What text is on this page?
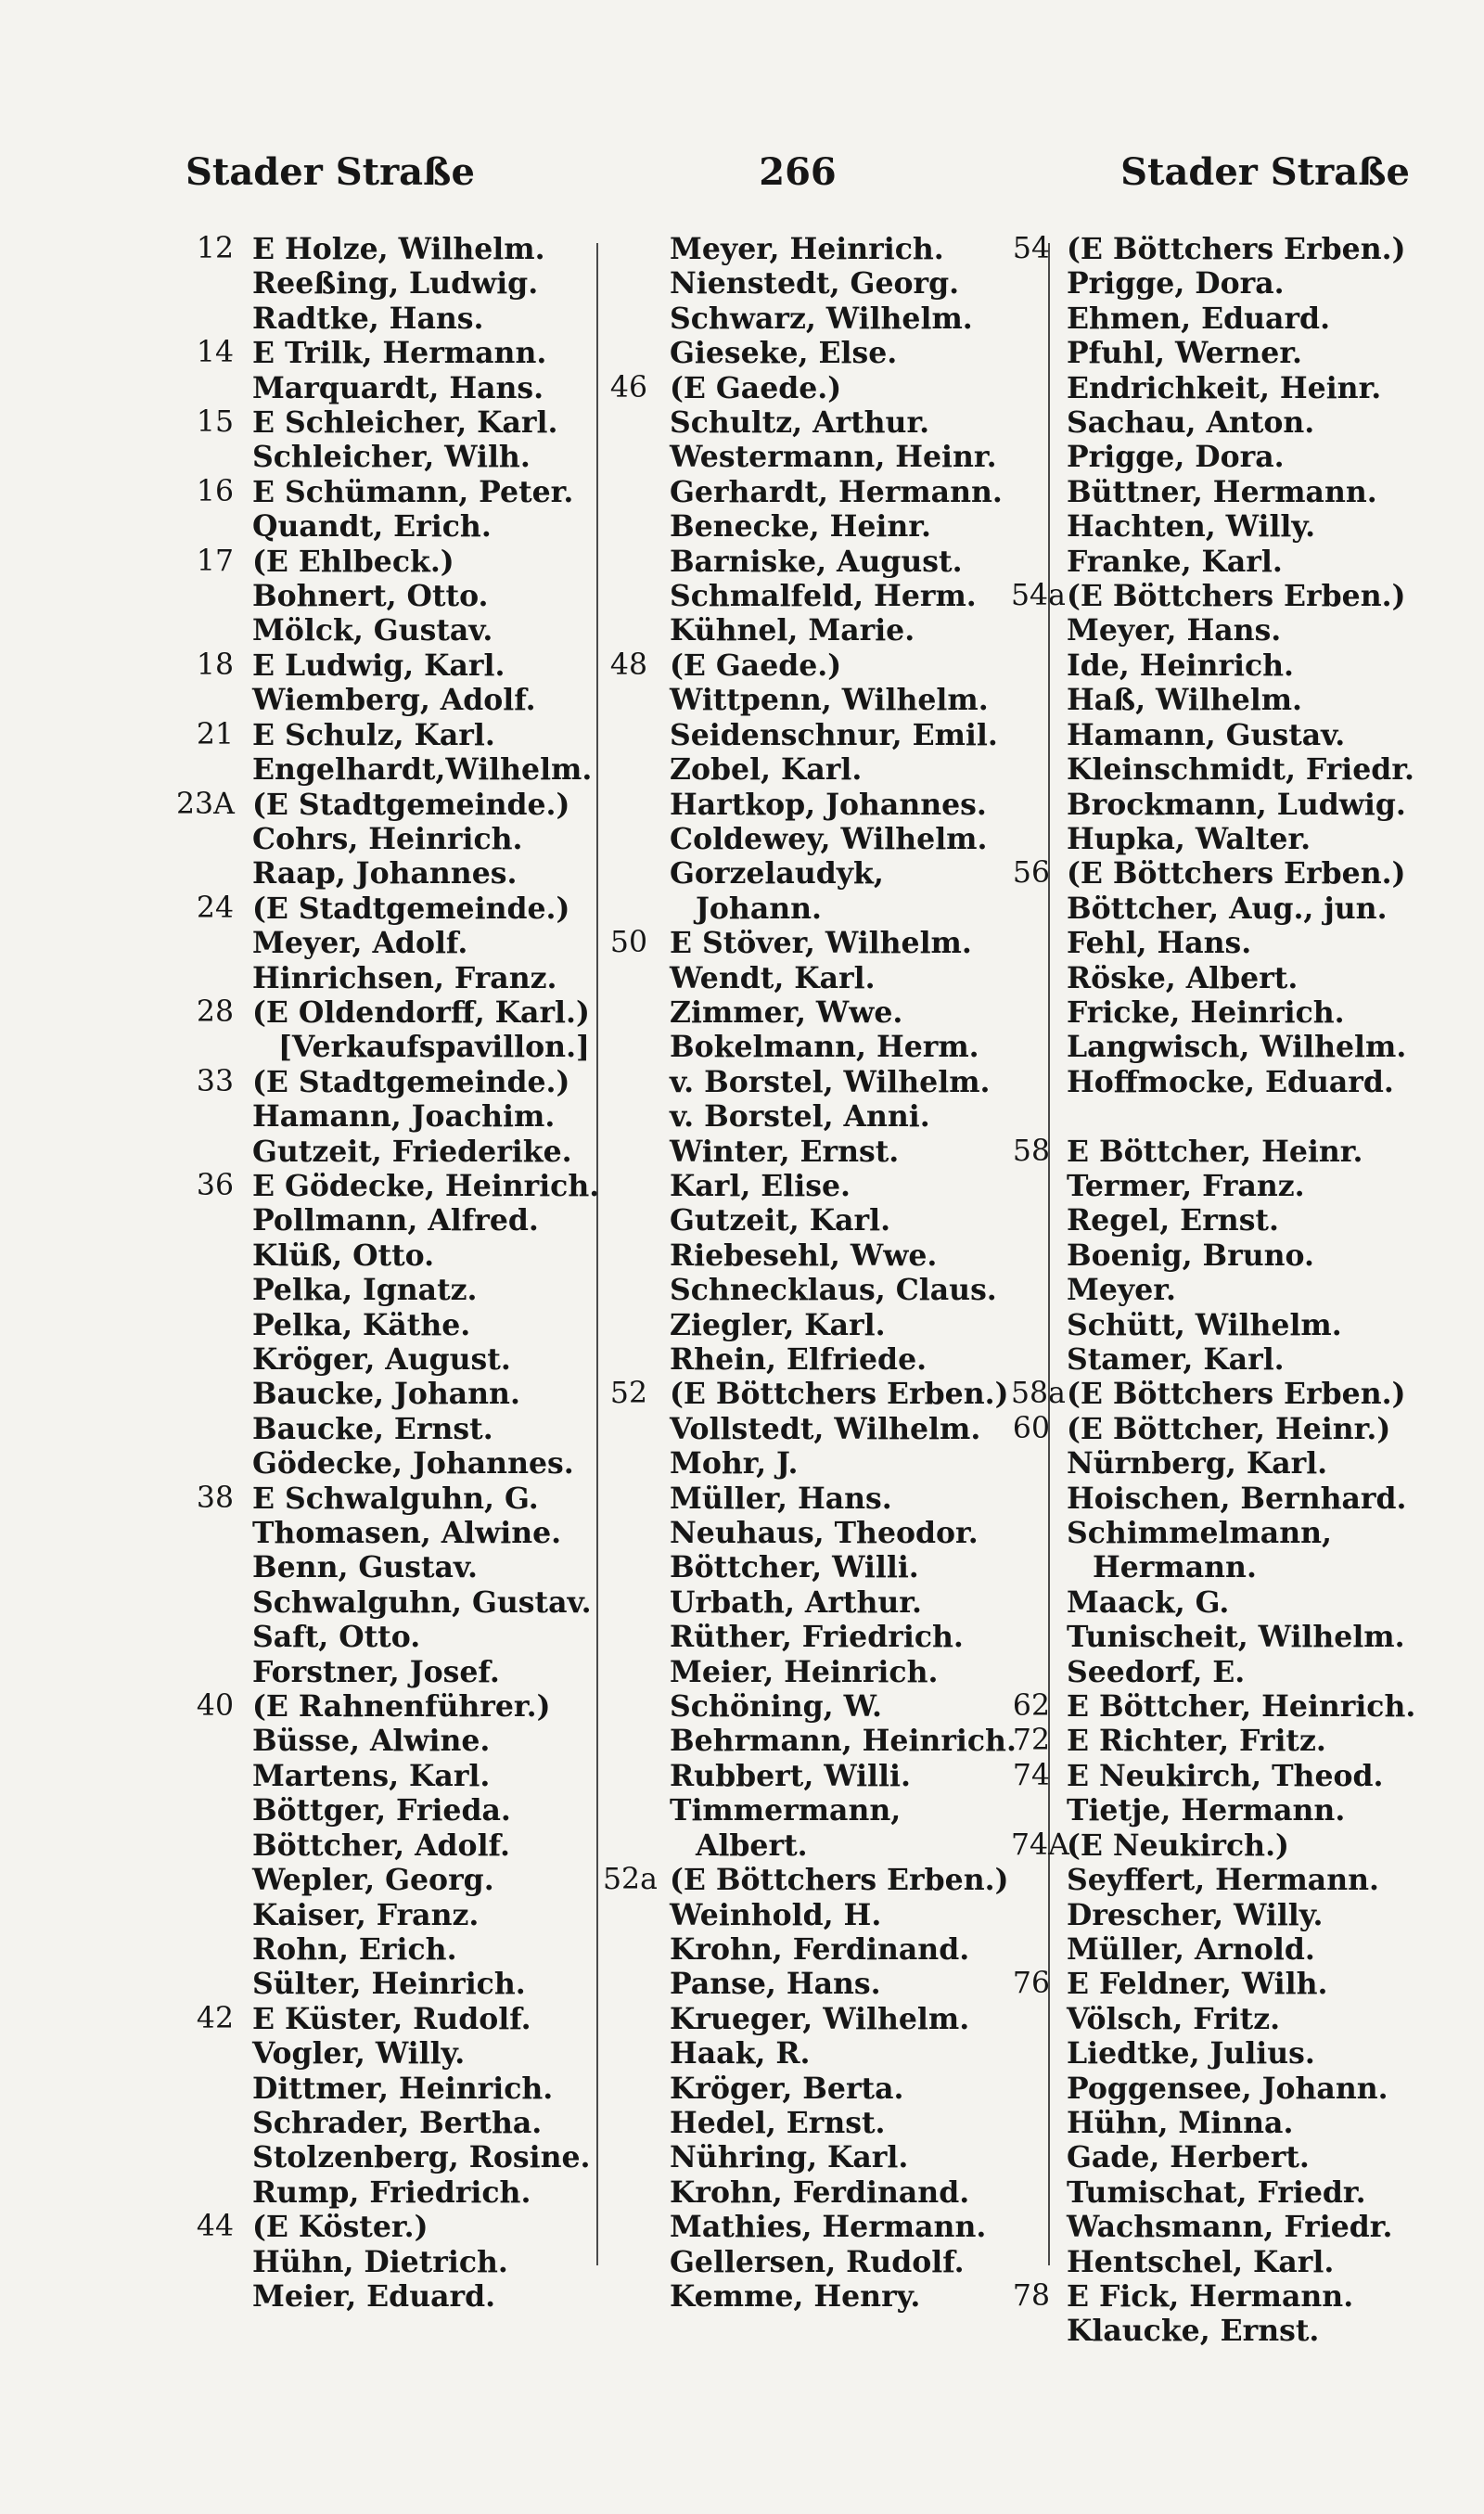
Stader Straße	266	Stader Straße
12 E Holze, Wilhelm.
Reeßing, Ludwig.
Radtke, Hans.
14 E Trilk, Hermann.
Marquardt, Hans.
15 E Schleicher, Karl.
Schleicher, Wilh.
16 E Schümann, Peter.
Quandt, Erich.
17 (E Ehlbeck.)
Bohnert, Otto.
Mölck, Gustav.
18 E Ludwig, Karl.
Wiemberg, Adolf.
21 E Schulz, Karl.
Engelhardt,Wilhelm.
23A (E Stadtgemeinde.)
Cohrs, Heinrich.
Raap, Johannes.
24 (E Stadtgemeinde.)
Meyer, Adolf.
Hinrichsen, Franz.
28 (E Oldendorff, Karl.)
[Verkaufspavillon.]
33 (E Stadtgemeinde.)
Hamann, Joachim.
Gutzeit, Friederike.
36 E Gödecke, Heinrich.
Pollmann, Alfred.
Klüß, Otto.
Pelka, Ignatz.
Pelka, Käthe.
Kröger, August.
Baucke, Johann.
Baucke, Ernst.
Gödecke, Johannes.
38 E Schwalguhn, G.
Thomasen, Alwine.
Benn, Gustav.
Schwalguhn, Gustav.
Saft, Otto.
Forstner, Josef.
40 (E Rahnenführer.)
Büsse, Alwine.
Martens, Karl.
Böttger, Frieda.
Böttcher, Adolf.
Wepler, Georg.
Kaiser, Franz.
Rohn, Erich.
Sülter, Heinrich.
42 E Küster, Rudolf.
Vogler, Willy.
Dittmer, Heinrich.
Schrader, Bertha.
Stolzenberg, Rosine.
Rump, Friedrich.
44 (E Köster.)
Hühn, Dietrich.
Meier, Eduard.
Meyer, Heinrich.
Nienstedt, Georg.
Schwarz, Wilhelm.
Gieseke, Else.
46 (E Gaede.)
Schultz, Arthur.
Westermann, Heinr.
Gerhardt, Hermann.
Benecke, Heinr.
Barniske, August.
Schmalfeld, Herm.
Kühnel, Marie.
48 (E Gaede.)
Wittpenn, Wilhelm.
Seidenschnur, Emil.
Zobel, Karl.
Hartkop, Johannes.
Coldewey, Wilhelm.
Gorzelaudyk,
Johann.
50 E Stöver, Wilhelm.
Wendt, Karl.
Zimmer, Wwe.
Bokelmann, Herm.
v. Borstel, Wilhelm.
v. Borstel, Anni.
Winter, Ernst.
Karl, Elise.
Gutzeit, Karl.
Riebesehl, Wwe.
Schnecklaus, Claus.
Ziegler, Karl.
Rhein, Elfriede.
52 (E Böttchers Erben.)
Vollstedt, Wilhelm.
Mohr, J.
Müller, Hans.
Neuhaus, Theodor.
Böttcher, Willi.
Urbath, Arthur.
Rüther, Friedrich.
Meier, Heinrich.
Schöning, W.
Behrmann, Heinrich.
Rubbert, Willi.
Timmermann,
Albert.
52a (E Böttchers Erben.)
Weinhold, H.
Krohn, Ferdinand.
Panse, Hans.
Krueger, Wilhelm.
Haak, R.
Kröger, Berta.
Hedel, Ernst.
Nühring, Karl.
Krohn, Ferdinand.
Mathies, Hermann.
Gellersen, Rudolf.
Kemme, Henry.
54 (E Böttchers Erben.)
Prigge, Dora.
Ehmen, Eduard.
Pfuhl, Werner.
Endrichkeit, Heinr.
Sachau, Anton.
Prigge, Dora.
Büttner, Hermann.
Hachten, Willy.
Franke, Karl.
54a (E Böttchers Erben.)
Meyer, Hans.
Ide, Heinrich.
Haß, Wilhelm.
Hamann, Gustav.
Kleinschmidt, Friedr.
Brockmann, Ludwig.
Hupka, Walter.
56 (E Böttchers Erben.)
Böttcher, Aug., jun.
Fehl, Hans.
Röske, Albert.
Fricke, Heinrich.
Langwisch, Wilhelm.
Hoffmocke, Eduard.
58 E Böttcher, Heinr.
Termer, Franz.
Regel, Ernst.
Boenig, Bruno.
Meyer.
Schütt, Wilhelm.
Stamer, Karl.
58a (E Böttchers Erben.)
60 (E Böttcher, Heinr.)
Nürnberg, Karl.
Hoischen, Bernhard.
Schimmelmann,
Hermann.
Maack, G.
Tunischeit, Wilhelm.
Seedorf, E.
62 E Böttcher, Heinrich.
72 E Richter, Fritz.
74 E Neukirch, Theod.
Tietje, Hermann.
74A
(E Neukirch.)
Seyffert, Hermann.
Drescher, Willy.
Müller, Arnold.
76 E Feldner, Wilh.
Völsch, Fritz.
Liedtke, Julius.
Poggensee, Johann.
Hühn, Minna.
Gade, Herbert.
Tumischat, Friedr.
Wachsmann, Friedr.
Hentschel, Karl.
78 E Fick, Hermann.
Klaucke, Ernst.
